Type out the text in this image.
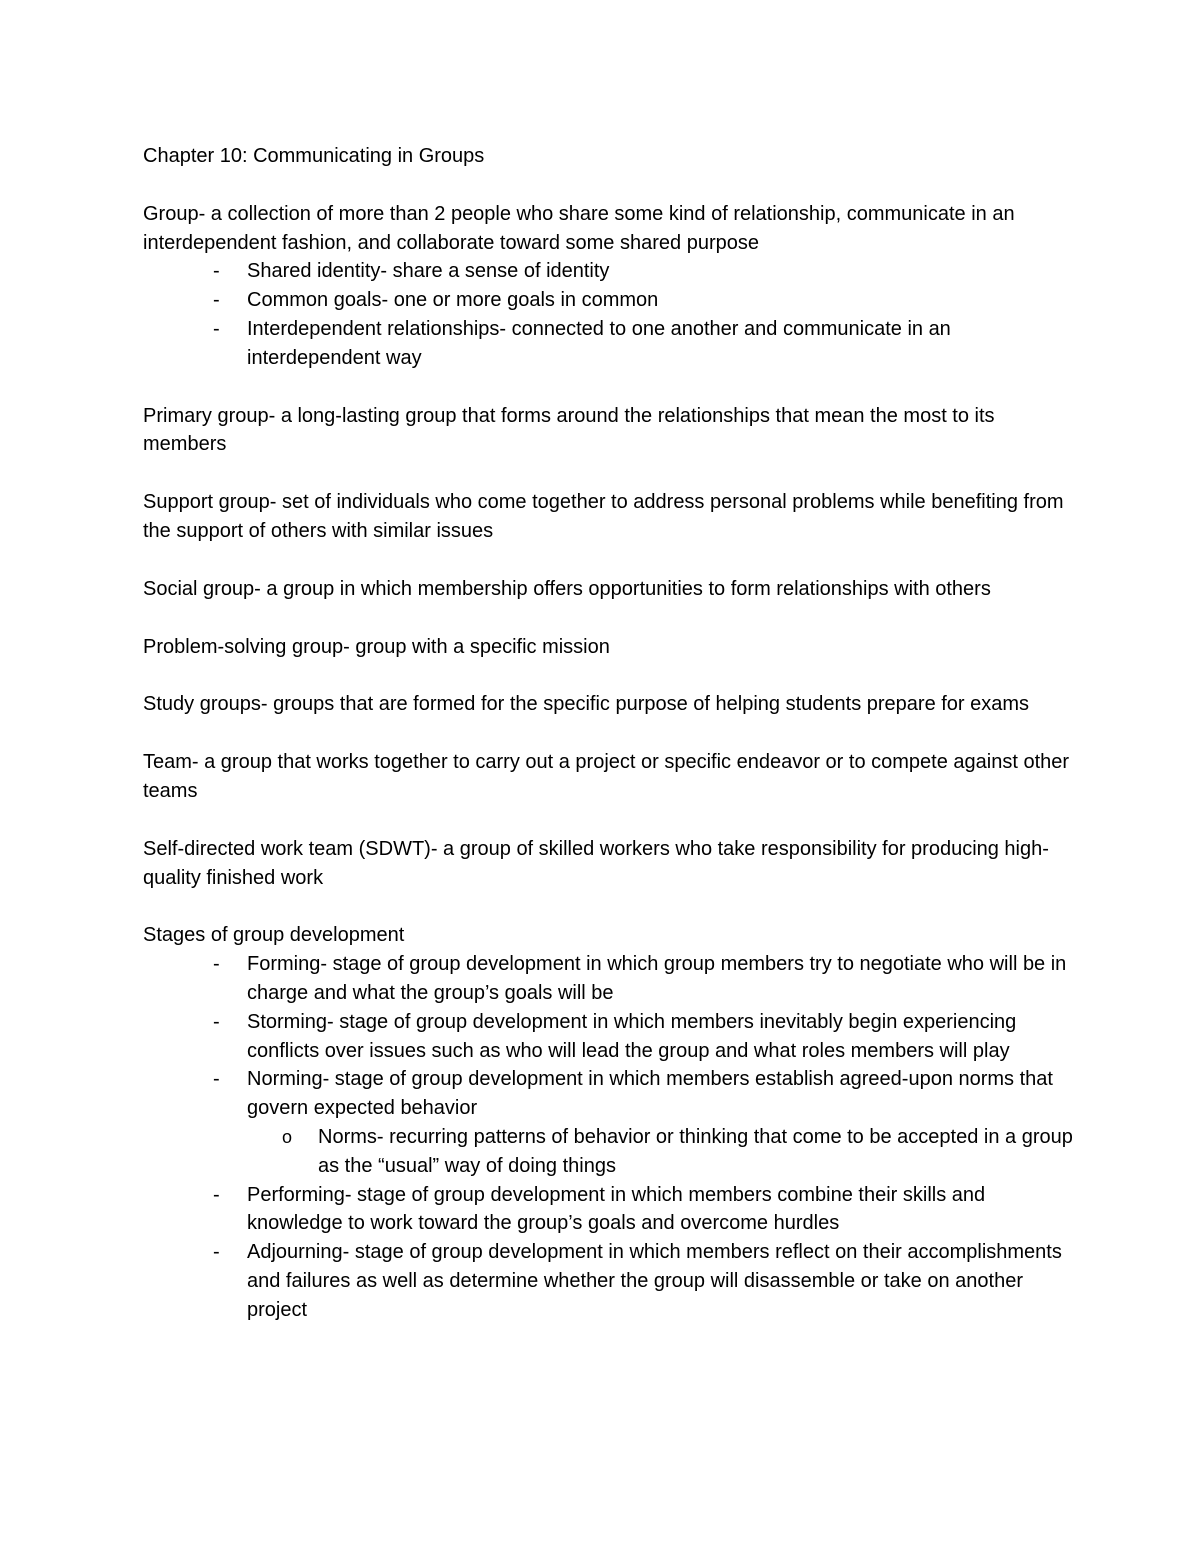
Chapter 10: Communicating in Groups
Group- a collection of more than 2 people who share some kind of relationship, communicate in an interdependent fashion, and collaborate toward some shared purpose
- Shared identity- share a sense of identity
- Common goals- one or more goals in common
- Interdependent relationships- connected to one another and communicate in an interdependent way
Primary group- a long-lasting group that forms around the relationships that mean the most to its members
Support group- set of individuals who come together to address personal problems while benefiting from the support of others with similar issues
Social group- a group in which membership offers opportunities to form relationships with others
Problem-solving group- group with a specific mission
Study groups- groups that are formed for the specific purpose of helping students prepare for exams
Team- a group that works together to carry out a project or specific endeavor or to compete against other teams
Self-directed work team (SDWT)- a group of skilled workers who take responsibility for producing high-quality finished work
Stages of group development
- Forming- stage of group development in which group members try to negotiate who will be in charge and what the group’s goals will be
- Storming- stage of group development in which members inevitably begin experiencing conflicts over issues such as who will lead the group and what roles members will play
- Norming- stage of group development in which members establish agreed-upon norms that govern expected behavior
o Norms- recurring patterns of behavior or thinking that come to be accepted in a group as the “usual” way of doing things
- Performing- stage of group development in which members combine their skills and knowledge to work toward the group’s goals and overcome hurdles
- Adjourning- stage of group development in which members reflect on their accomplishments and failures as well as determine whether the group will disassemble or take on another project
